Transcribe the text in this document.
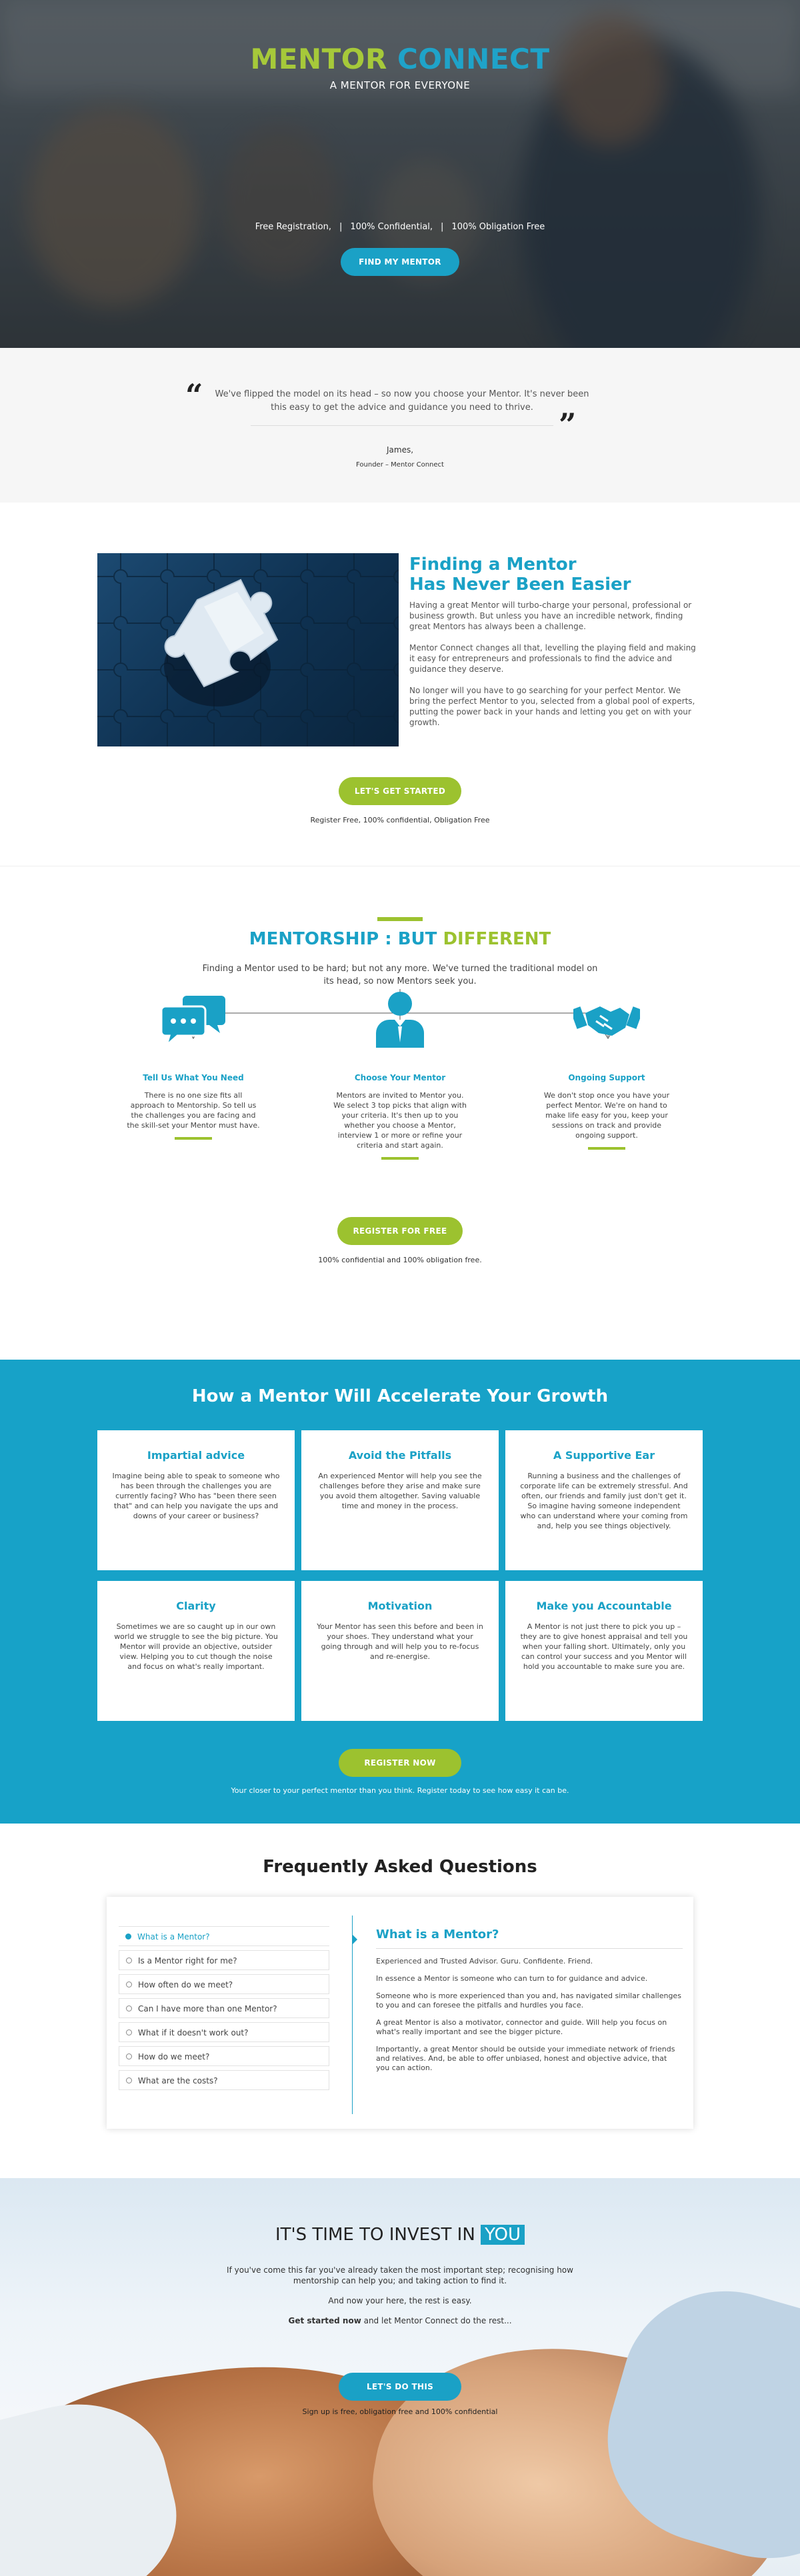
MENTOR CONNECT
A MENTOR FOR EVERYONE
Free Registration, | 100% Confidential, | 100% Obligation Free
FIND MY MENTOR
“	We've flipped the model on its head – so now you choose your Mentor. It's never been this easy to get the advice and guidance you need to thrive. ”
James,
Founder – Mentor Connect
Finding a Mentor
Has Never Been Easier

Having a great Mentor will turbo-charge your personal, professional or business growth. But unless you have an incredible network, finding great Mentors has always been a challenge.

Mentor Connect changes all that, levelling the playing field and making it easy for entrepreneurs and professionals to find the advice and guidance they deserve.

No longer will you have to go searching for your perfect Mentor. We bring the perfect Mentor to you, selected from a global pool of experts, putting the power back in your hands and letting you get on with your growth.

LET'S GET STARTED
Register Free, 100% confidential, Obligation Free
MENTORSHIP : BUT DIFFERENT
Finding a Mentor used to be hard; but not any more. We've turned the traditional model on its head, so now Mentors seek you.
Tell Us What You Need
There is no one size fits all approach to Mentorship. So tell us the challenges you are facing and the skill-set your Mentor must have.
Choose Your Mentor
Mentors are invited to Mentor you. We select 3 top picks that align with your criteria. It's then up to you whether you choose a Mentor, interview 1 or more or refine your criteria and start again.
Ongoing Support
We don't stop once you have your perfect Mentor. We're on hand to make life easy for you, keep your sessions on track and provide ongoing support.
REGISTER FOR FREE
100% confidential and 100% obligation free.
How a Mentor Will Accelerate Your Growth
Impartial advice
Imagine being able to speak to someone who has been through the challenges you are currently facing? Who has "been there seen that" and can help you navigate the ups and downs of your career or business?
Avoid the Pitfalls
An experienced Mentor will help you see the challenges before they arise and make sure you avoid them altogether. Saving valuable time and money in the process.
A Supportive Ear
Running a business and the challenges of corporate life can be extremely stressful. And often, our friends and family just don't get it. So imagine having someone independent who can understand where your coming from and, help you see things objectively.
Clarity
Sometimes we are so caught up in our own world we struggle to see the big picture. You Mentor will provide an objective, outsider view. Helping you to cut though the noise and focus on what's really important.
Motivation
Your Mentor has seen this before and been in your shoes. They understand what your going through and will help you to re-focus and re-energise.
Make you Accountable
A Mentor is not just there to pick you up – they are to give honest appraisal and tell you when your falling short. Ultimately, only you can control your success and you Mentor will hold you accountable to make sure you are.
REGISTER NOW
Your closer to your perfect mentor than you think. Register today to see how easy it can be.
Frequently Asked Questions
What is a Mentor?
Is a Mentor right for me?
How often do we meet?
Can I have more than one Mentor?
What if it doesn't work out?
How do we meet?
What are the costs?
What is a Mentor?

Experienced and Trusted Advisor. Guru. Confidente. Friend.

In essence a Mentor is someone who can turn to for guidance and advice.

Someone who is more experienced than you and, has navigated similar challenges to you and can foresee the pitfalls and hurdles you face.

A great Mentor is also a motivator, connector and guide. Will help you focus on what's really important and see the bigger picture.

Importantly, a great Mentor should be outside your immediate network of friends and relatives. And, be able to offer unbiased, honest and objective advice, that you can action.

IT'S TIME TO INVEST IN YOU
If you've come this far you've already taken the most important step; recognising how mentorship can help you; and taking action to find it.
And now your here, the rest is easy.
Get started now and let Mentor Connect do the rest...
LET'S DO THIS
Sign up is free, obligation free and 100% confidential
